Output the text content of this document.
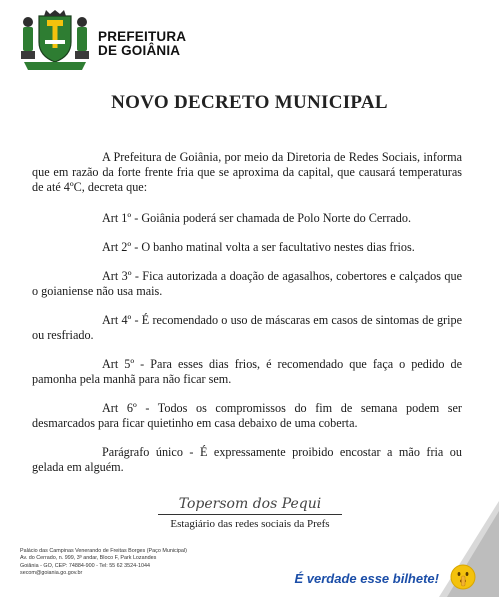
PREFEITURA
DE GOIÂNIA
NOVO DECRETO MUNICIPAL

A Prefeitura de Goiânia, por meio da Diretoria de Redes Sociais, informa que em razão da forte frente fria que se aproxima da capital, que causará temperaturas de até 4ºC, decreta que:

Art 1º - Goiânia poderá ser chamada de Polo Norte do Cerrado.

Art 2º - O banho matinal volta a ser facultativo nestes dias frios.

Art 3º - Fica autorizada a doação de agasalhos, cobertores e calçados que o goianiense não usa mais.

Art 4º - É recomendado o uso de máscaras em casos de sintomas de gripe ou resfriado.

Art 5º - Para esses dias frios, é recomendado que faça o pedido de pamonha pela manhã para não ficar sem.

Art 6º - Todos os compromissos do fim de semana podem ser desmarcados para ficar quietinho em casa debaixo de uma coberta.

Parágrafo único - É expressamente proibido encostar a mão fria ou gelada em alguém.

Topersom dos Pequi
Estagiário das redes sociais da Prefs
Palácio das Campinas Venerando de Freitas Borges (Paço Municipal)
Av. do Cerrado, n. 999, 3º andar, Bloco F, Park Lozandes
Goiânia - GO, CEP: 74884-900 - Tel: 55 62 3524-1044
secom@goiania.go.gov.br	É verdade esse bilhete!
